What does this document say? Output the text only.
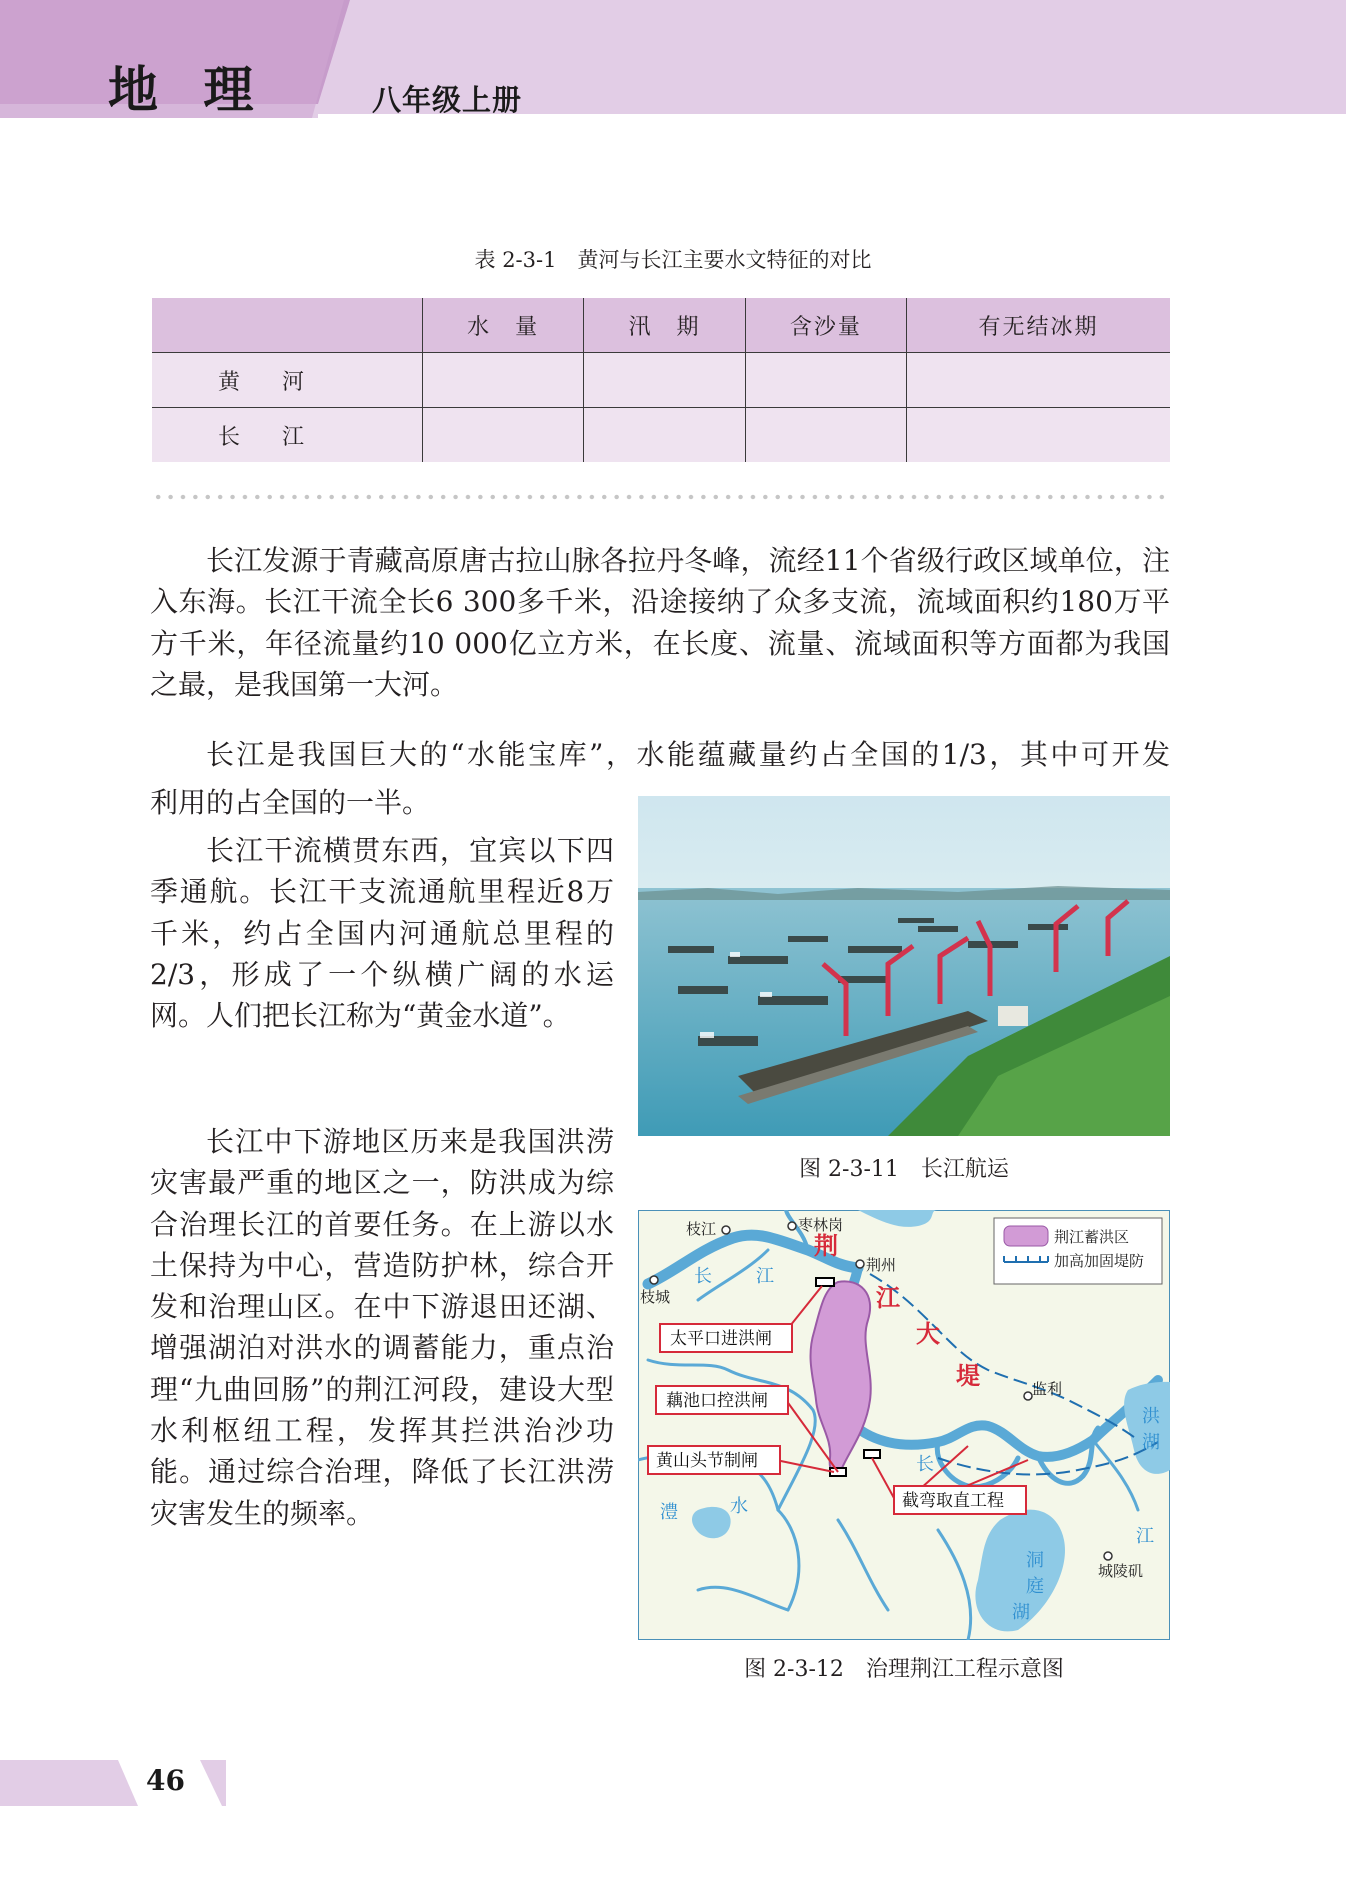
地 理	八年级上册
表 2-3-1　黄河与长江主要水文特征的对比
	水　量	汛　期	含沙量	有无结冰期
黄　河				
长　江				

长江发源于青藏高原唐古拉山脉各拉丹冬峰，流经11个省级行政区域单位，注入东海。长江干流全长6 300多千米，沿途接纳了众多支流，流域面积约180万平方千米，年径流量约10 000亿立方米，在长度、流量、流域面积等方面都为我国之最，是我国第一大河。

长江是我国巨大的“水能宝库”，水能蕴藏量约占全国的1/3，其中可开发

利用的占全国的一半。

长江干流横贯东西，宜宾以下四季通航。长江干支流通航里程近8万千米，约占全国内河通航总里程的2/3，形成了一个纵横广阔的水运网。人们把长江称为“黄金水道”。

长江中下游地区历来是我国洪涝灾害最严重的地区之一，防洪成为综合治理长江的首要任务。在上游以水土保持为中心，营造防护林，综合开发和治理山区。在中下游退田还湖、增强湖泊对洪水的调蓄能力，重点治理“九曲回肠”的荆江河段，建设大型水利枢纽工程，发挥其拦洪治沙功能。通过综合治理，降低了长江洪涝灾害发生的频率。

图 2-3-11　长江航运
荆江蓄洪区
加高加固堤防
枝江	枣林岗
荆州
枝城
监利
城陵矶
长 江
长
江
澧	水
洪
湖
洞
庭
湖
荆
江
大
堤
太平口进洪闸
藕池口控洪闸
黄山头节制闸
截弯取直工程
图 2-3-12　治理荆江工程示意图
46
